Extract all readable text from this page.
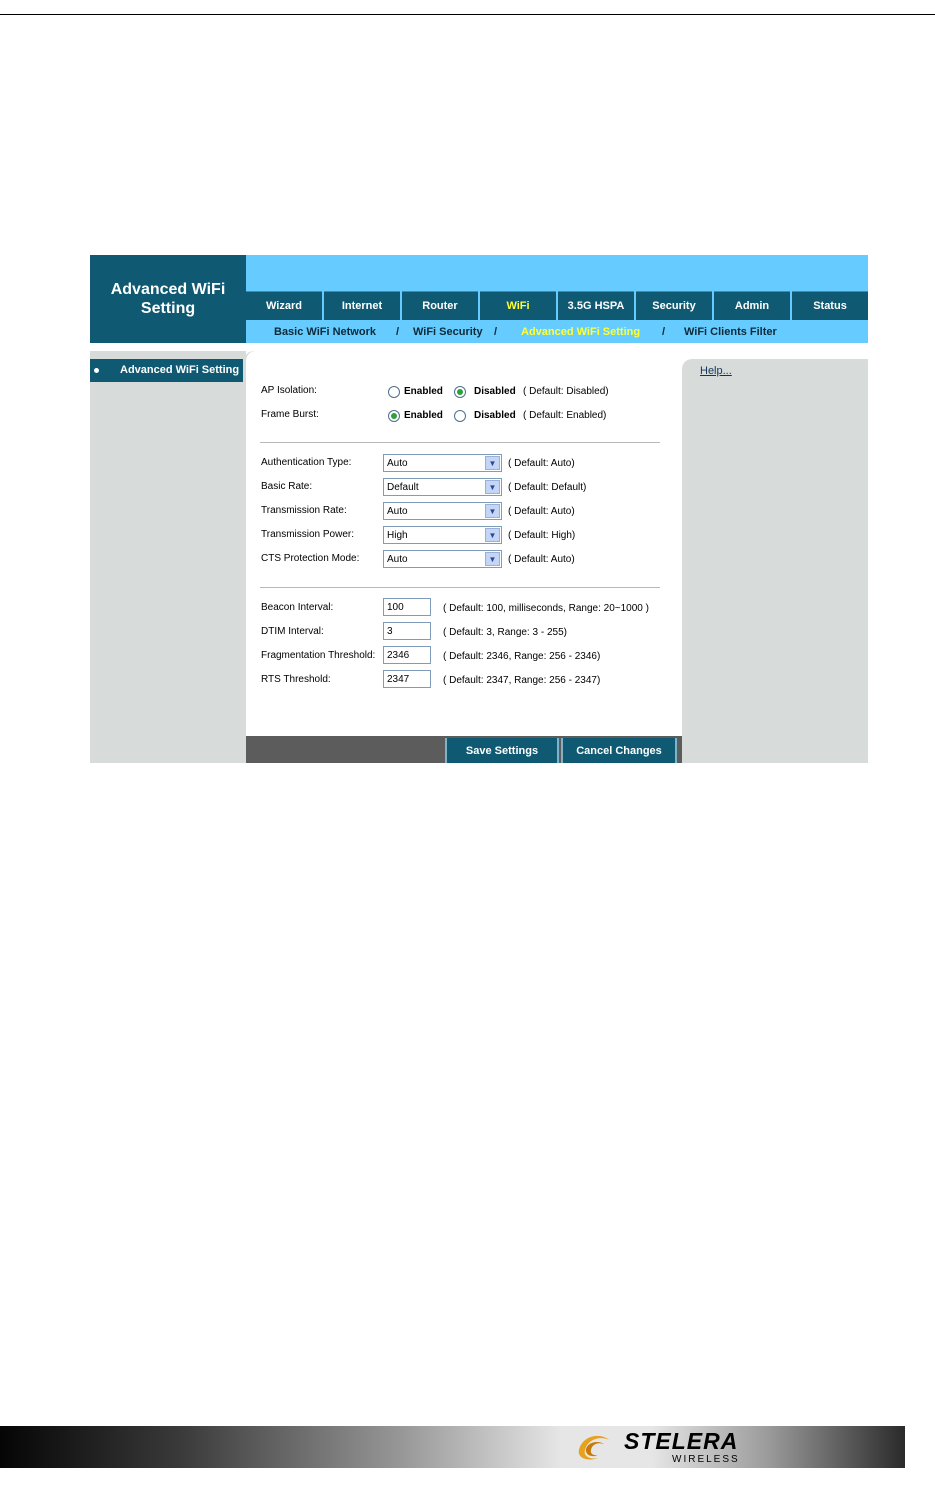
Advanced WiFi Setting	Wizard	Internet	Router	WiFi	3.5G HSPA	Security	Admin	Status
Basic WiFi Network / WiFi Security / Advanced WiFi Setting / WiFi Clients Filter
Advanced WiFi Setting
AP Isolation:	Enabled	Disabled ( Default: Disabled)
Frame Burst:	Enabled	Disabled ( Default: Enabled)
Authentication Type:	Auto	▼	( Default: Auto)
Basic Rate:	Default	▼	( Default: Default)
Transmission Rate:	Auto	▼	( Default: Auto)
Transmission Power:	High	▼	( Default: High)
CTS Protection Mode:	Auto	▼	( Default: Auto)
Beacon Interval:
100	( Default: 100, milliseconds, Range: 20~1000 )
DTIM Interval:
3	( Default: 3, Range: 3 - 255)
Fragmentation Threshold:
2346	( Default: 2346, Range: 256 - 2346)
RTS Threshold:
2347	( Default: 2347, Range: 256 - 2347)
Help...
Save Settings	Cancel Changes
STELERA
WIRELESS
